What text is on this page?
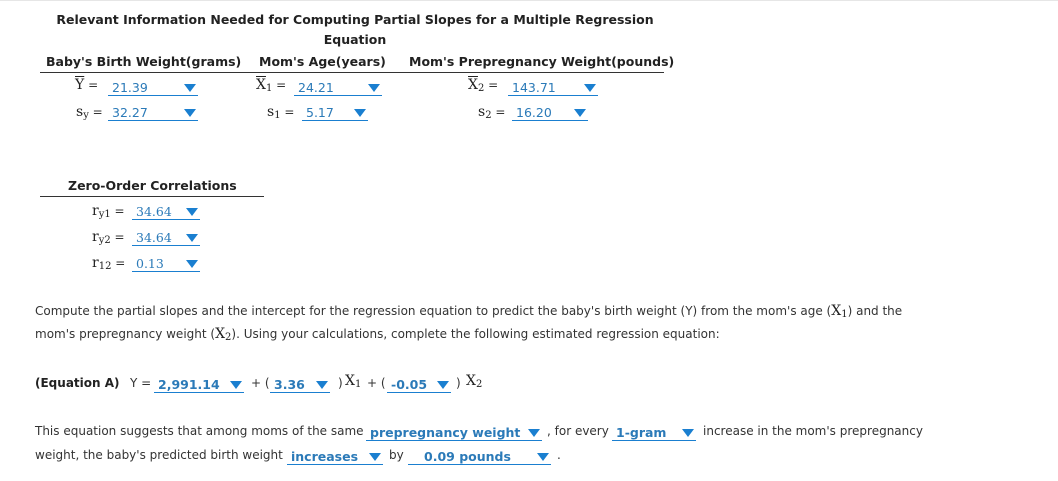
Relevant Information Needed for Computing Partial Slopes for a Multiple Regression
Equation
Baby's Birth Weight(grams) Mom's Age(years) Mom's Prepregnancy Weight(pounds)
$\overline{Y} = 21.39$	$\overline{X}_1 = 24.21$	$\overline{X}_2 = 143.71$
$s_y = 32.27$	$s_1 = 5.17$	$s_2 = 16.20$
Zero-Order Correlations
$r_{y1} = 34.64$
$r_{y2} = 34.64$
$r_{12} = 0.13$
Compute the partial slopes and the intercept for the regression equation to predict the baby's birth weight (Y) from the mom's age $(X_1)$ and the
mom's prepregnancy weight $(X_2)$. Using your calculations, complete the following estimated regression equation:
(Equation A) Y = 2,991.14	+ ( 3.36	) $X_1$ + ( -0.05 ) $X_2$
This equation suggests that among moms of the same prepregnancy weight , for every 1-gram	increase in the mom's prepregnancy
weight, the baby's predicted birth weight increases	by 0.09 pounds	.
